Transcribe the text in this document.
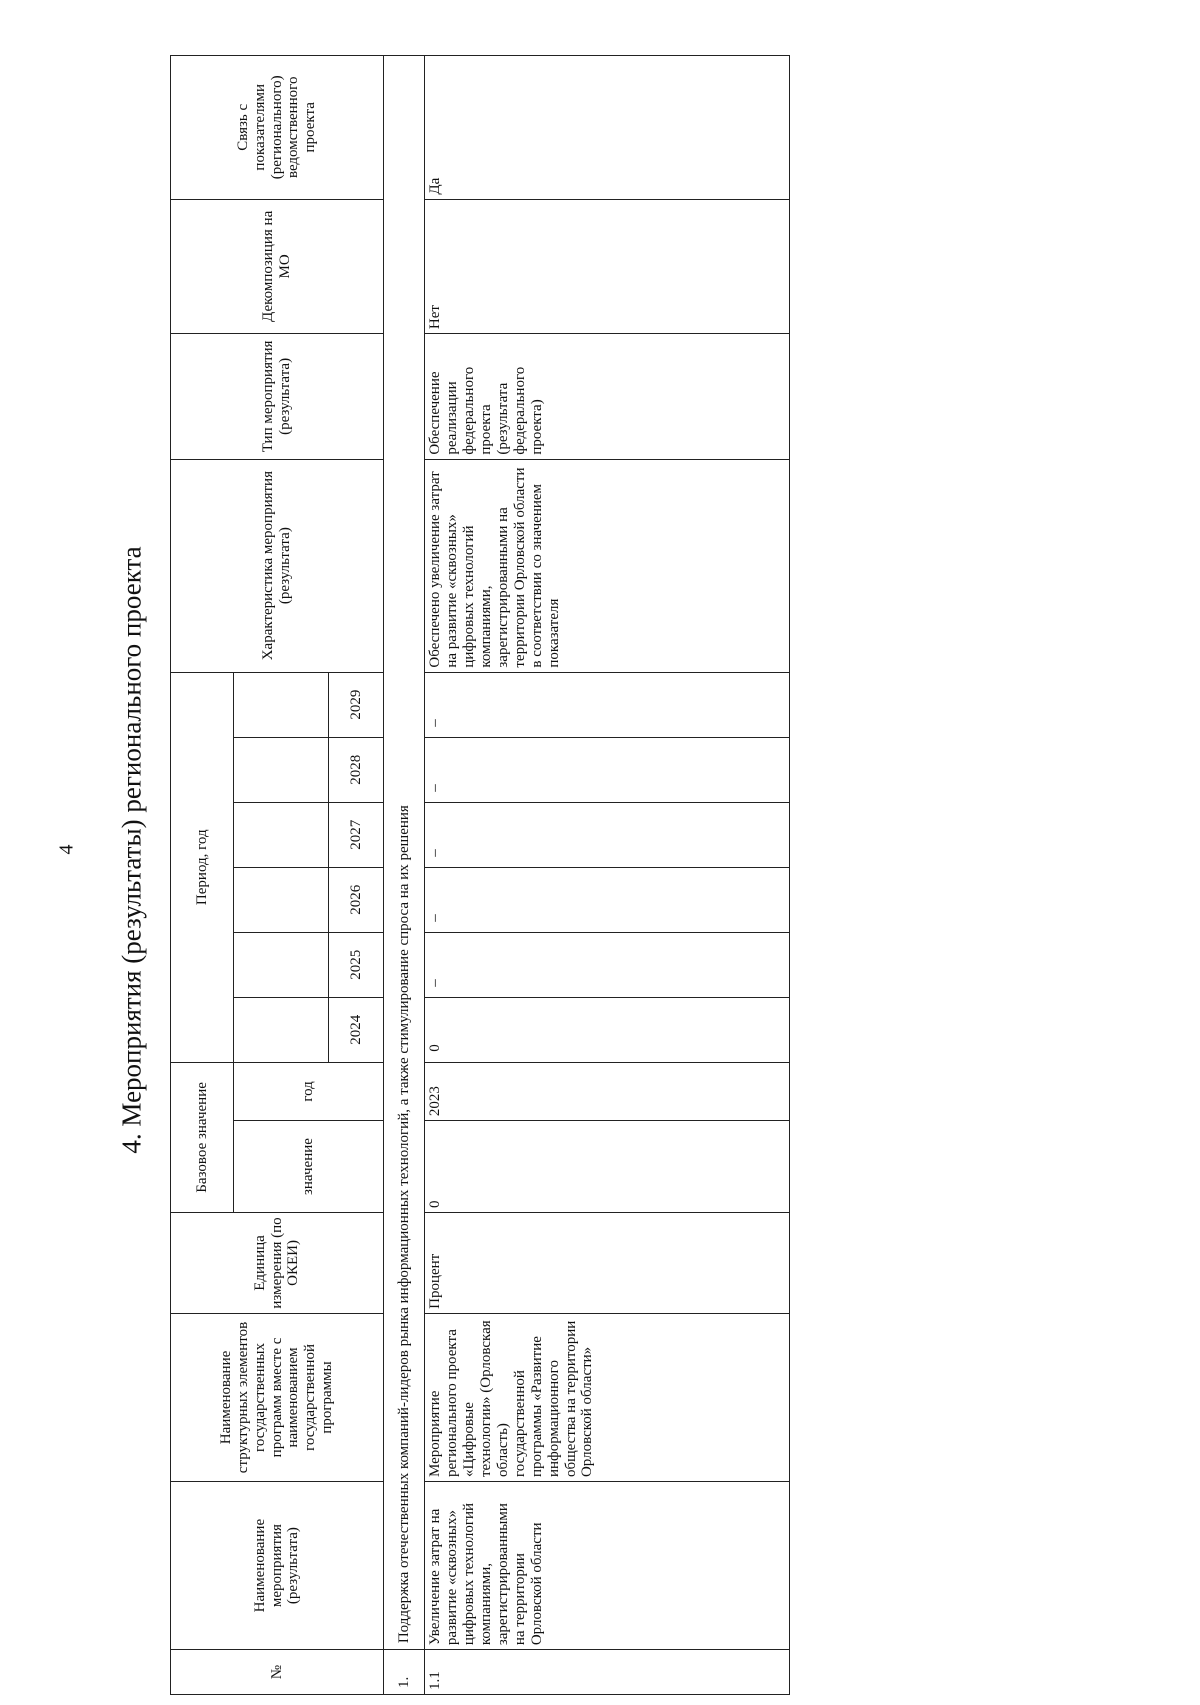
4 4. Мероприятия (результаты) регионального проекта
№	Наименование мероприятия (результата)	Наименование структурных элементов государственных программ вместе с наименованием государственной программы	Единица измерения (по ОКЕИ)	Базовое значение		Период, год						Характеристика мероприятия (результата)	Тип мероприятия (результата)	Декомпозиция на МО	Связь с показателями (регионального) ведомственного проекта
				значение	год										
						2024	2025	2026	2027	2028	2029				
1.	Поддержка отечественных компаний-лидеров рынка информационных технологий, а также стимулирование спроса на их решения														
1.1	Увеличение затрат на развитие «сквозных» цифровых технологий компаниями, зарегистрированными на территории Орловской области	Мероприятие регионального проекта «Цифровые технологии» (Орловская область) государственной программы «Развитие информационного общества на территории Орловской области»	Процент	0	2023	0	–	–	–	–	–	Обеспечено увеличение затрат на развитие «сквозных» цифровых технологий компаниями, зарегистрированными на территории Орловской области в соответствии со значением показателя	Обеспечение реализации федерального проекта (результата федерального проекта)	Нет	Да
